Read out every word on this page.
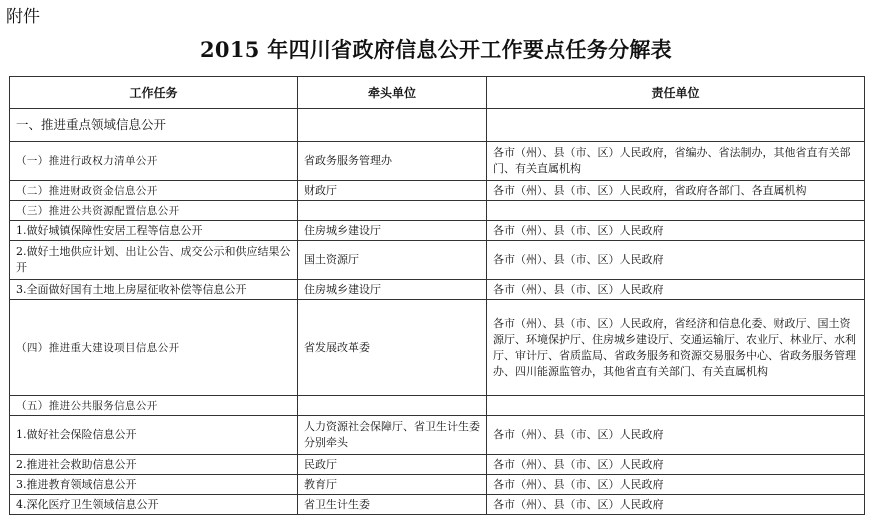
附件
2015 年四川省政府信息公开工作要点任务分解表
工作任务	牵头单位	责任单位
一、推进重点领域信息公开		
（一）推进行政权力清单公开	省政务服务管理办	各市（州）、县（市、区）人民政府，省编办、省法制办，其他省直有关部门、有关直属机构
（二）推进财政资金信息公开	财政厅	各市（州）、县（市、区）人民政府，省政府各部门、各直属机构
（三）推进公共资源配置信息公开		
1.做好城镇保障性安居工程等信息公开	住房城乡建设厅	各市（州）、县（市、区）人民政府
2.做好土地供应计划、出让公告、成交公示和供应结果公开	国土资源厅	各市（州）、县（市、区）人民政府
3.全面做好国有土地上房屋征收补偿等信息公开	住房城乡建设厅	各市（州）、县（市、区）人民政府
（四）推进重大建设项目信息公开	省发展改革委	各市（州）、县（市、区）人民政府，省经济和信息化委、财政厅、国土资源厅、环境保护厅、住房城乡建设厅、交通运输厅、农业厅、林业厅、水利厅、审计厅、省质监局、省政务服务和资源交易服务中心、省政务服务管理办、四川能源监管办，其他省直有关部门、有关直属机构
（五）推进公共服务信息公开		
1.做好社会保险信息公开	人力资源社会保障厅、省卫生计生委分别牵头	各市（州）、县（市、区）人民政府
2.推进社会救助信息公开	民政厅	各市（州）、县（市、区）人民政府
3.推进教育领域信息公开	教育厅	各市（州）、县（市、区）人民政府
4.深化医疗卫生领域信息公开	省卫生计生委	各市（州）、县（市、区）人民政府
